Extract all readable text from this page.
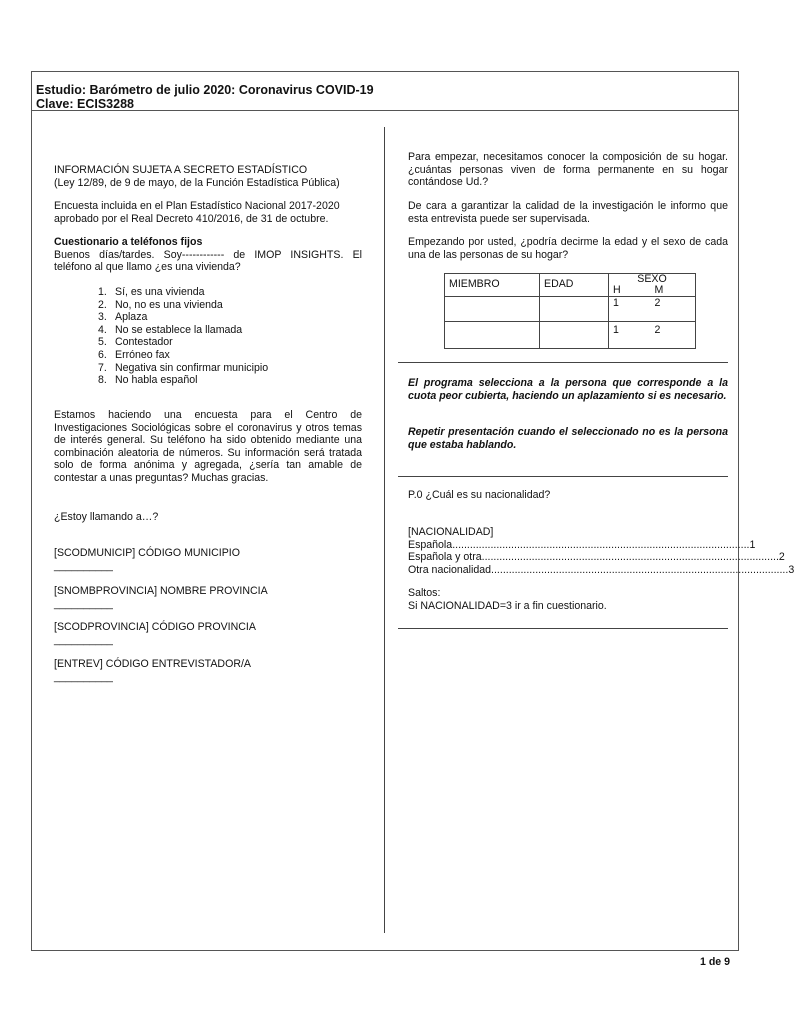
Estudio: Barómetro de julio 2020: Coronavirus COVID-19
Clave: ECIS3288
INFORMACIÓN SUJETA A SECRETO ESTADÍSTICO
(Ley 12/89, de 9 de mayo, de la Función Estadística Pública)
Encuesta incluida en el Plan Estadístico Nacional 2017-2020 aprobado por el Real Decreto 410/2016, de 31 de octubre.
Cuestionario a teléfonos fijos
Buenos días/tardes. Soy------------ de IMOP INSIGHTS. El teléfono al que llamo ¿es una vivienda?
1. Sí, es una vivienda
2. No, no es una vivienda
3. Aplaza
4. No se establece la llamada
5. Contestador
6. Erróneo fax
7. Negativa sin confirmar municipio
8. No habla español
Estamos haciendo una encuesta para el Centro de Investigaciones Sociológicas sobre el coronavirus y otros temas de interés general. Su teléfono ha sido obtenido mediante una combinación aleatoria de números. Su información será tratada solo de forma anónima y agregada, ¿sería tan amable de contestar a unas preguntas? Muchas gracias.
¿Estoy llamando a…?
[SCODMUNICIP] CÓDIGO MUNICIPIO
__________
[SNOMBPROVINCIA] NOMBRE PROVINCIA
__________
[SCODPROVINCIA] CÓDIGO PROVINCIA
__________
[ENTREV] CÓDIGO ENTREVISTADOR/A
__________
Para empezar, necesitamos conocer la composición de su hogar. ¿cuántas personas viven de forma permanente en su hogar contándose Ud.?
De cara a garantizar la calidad de la investigación le informo que esta entrevista puede ser supervisada.
Empezando por usted, ¿podría decirme la edad y el sexo de cada una de las personas de su hogar?
MIEMBRO	EDAD	SEXO	
		H	M
		1	2
		1	2
El programa selecciona a la persona que corresponde a la cuota peor cubierta, haciendo un aplazamiento si es necesario.
Repetir presentación cuando el seleccionado no es la persona que estaba hablando.
P.0 ¿Cuál es su nacionalidad?
[NACIONALIDAD]
Española ..................................................................................................... 1
Española y otra ..................................................................................................... 2
Otra nacionalidad ..................................................................................................... 3
Saltos:
Si NACIONALIDAD=3 ir a fin cuestionario.
1 de 9
